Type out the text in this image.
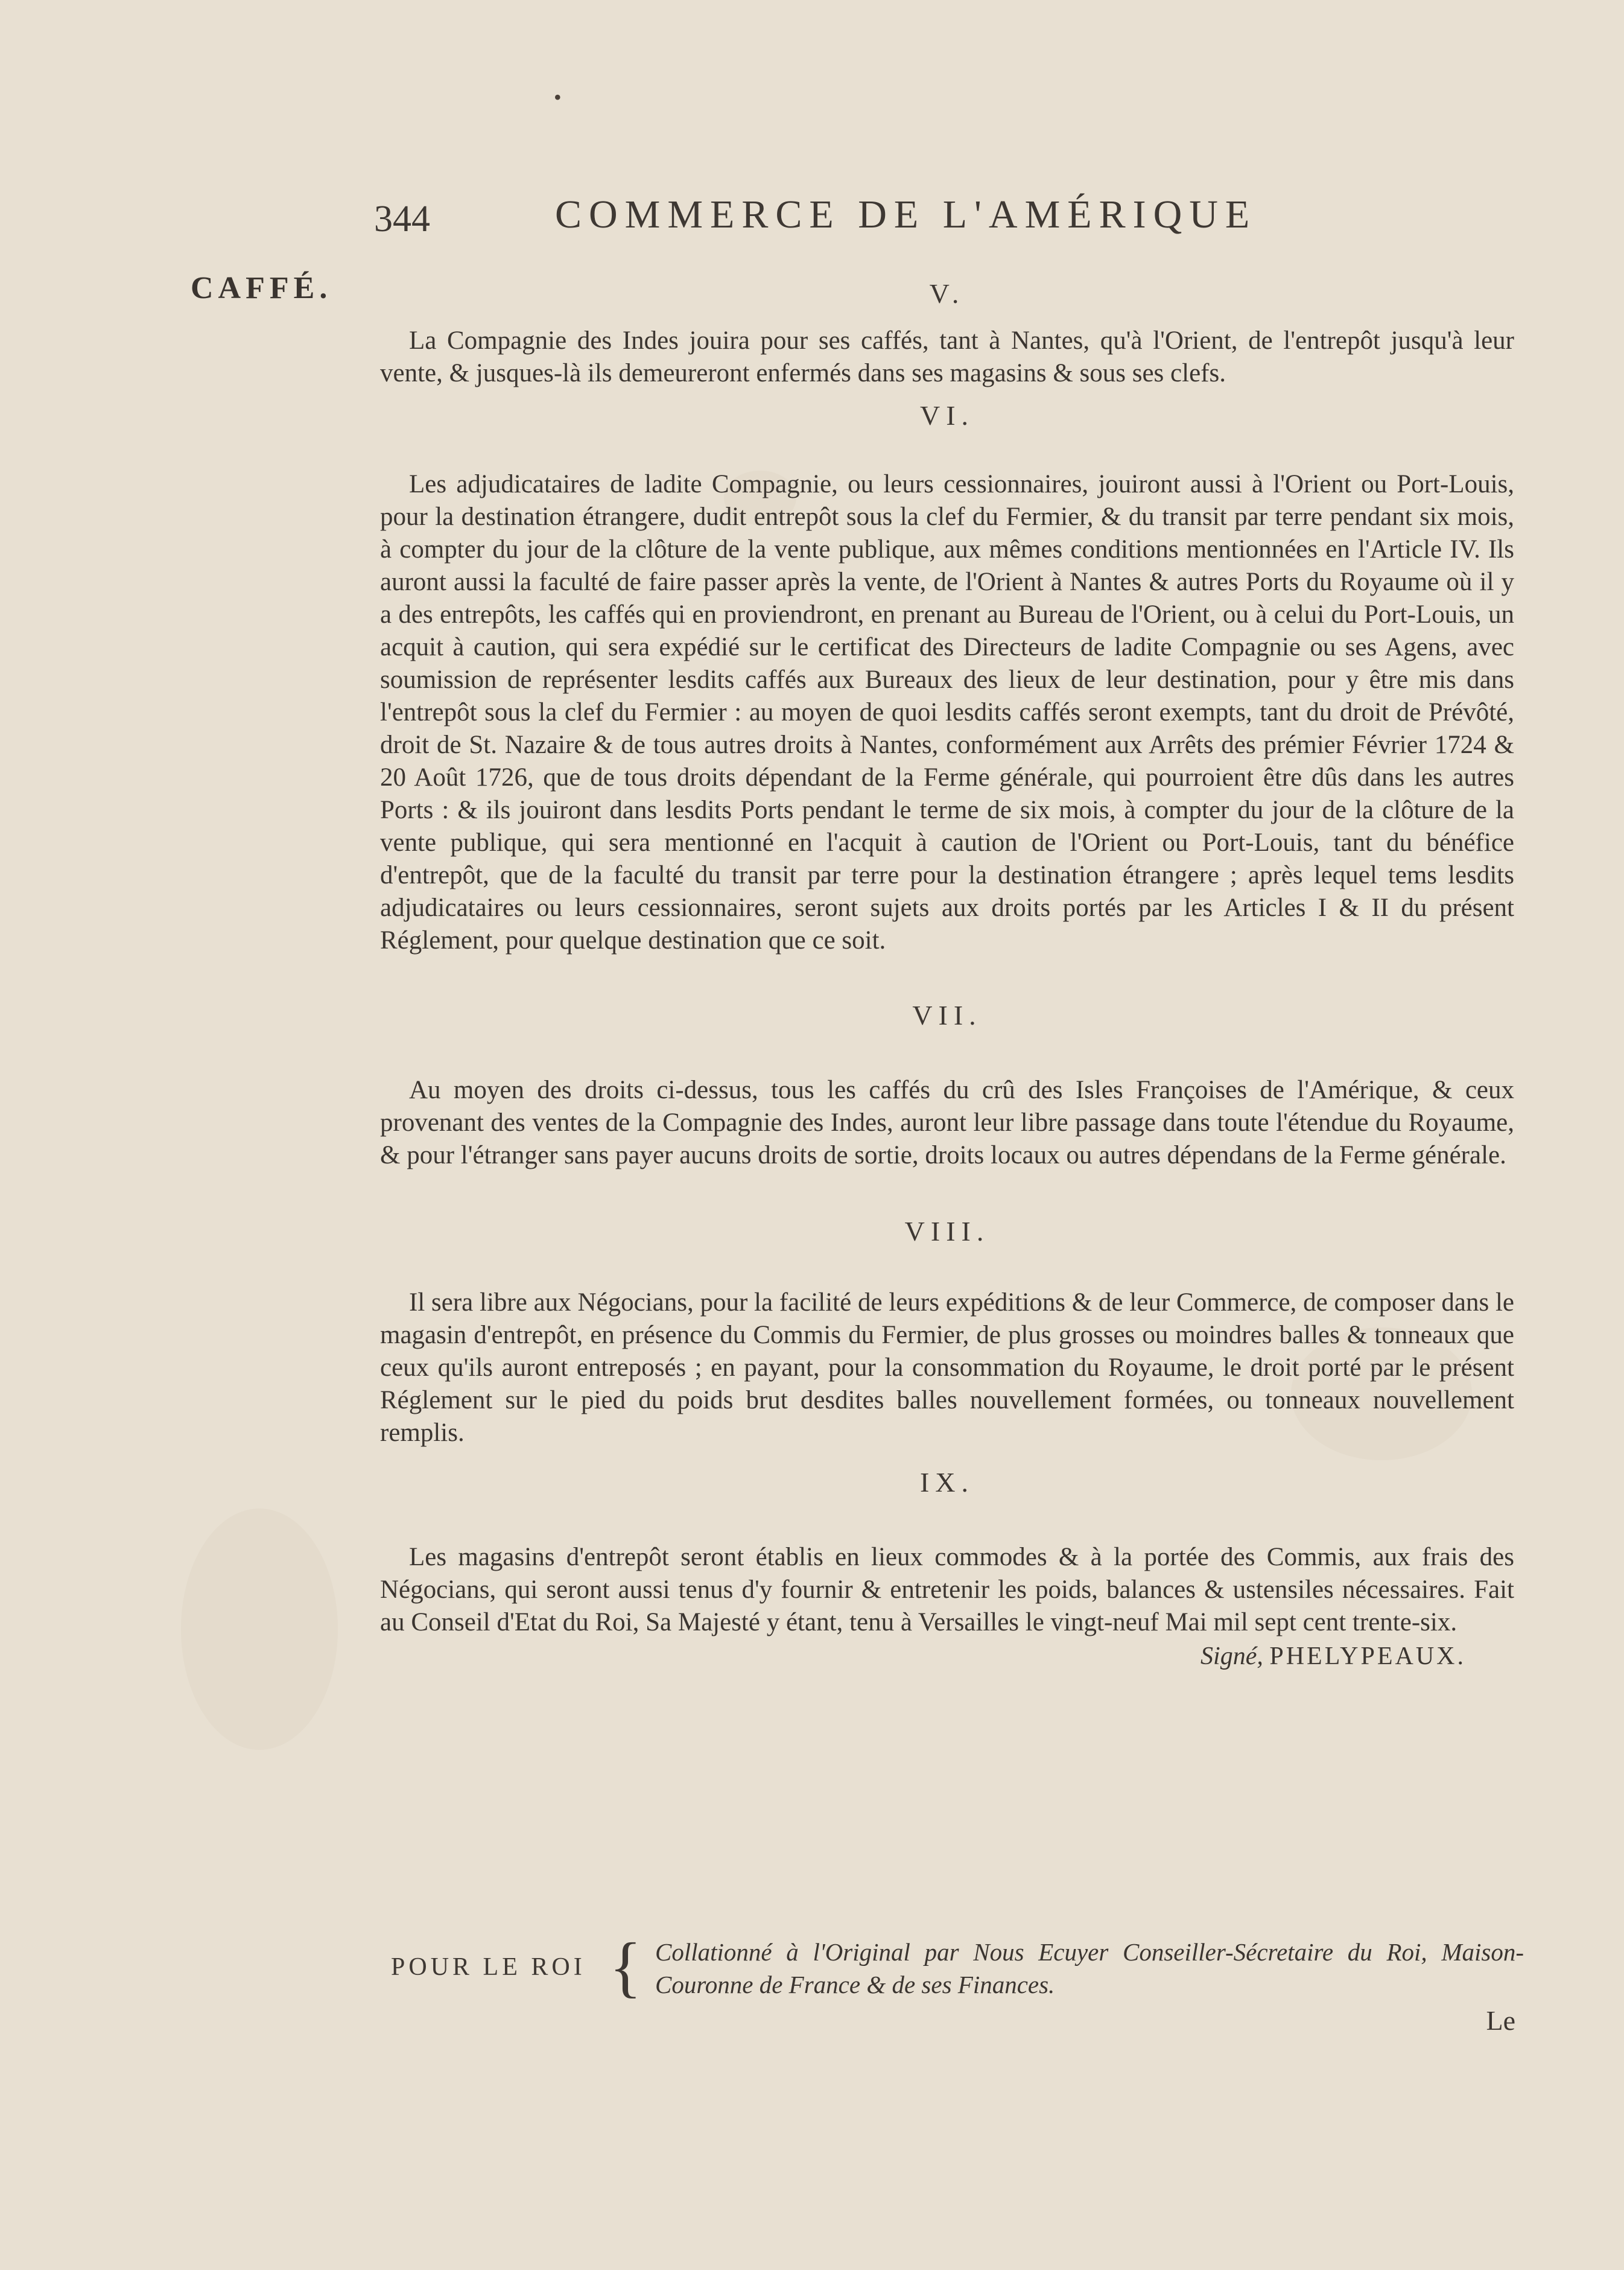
•
344	COMMERCE DE L'AMÉRIQUE
CAFFÉ.	V.

La Compagnie des Indes jouira pour ses caffés, tant à Nantes, qu'à l'Orient, de l'entrepôt jusqu'à leur vente, & jusques-là ils demeureront enfermés dans ses magasins & sous ses clefs.

VI.

Les adjudicataires de ladite Compagnie, ou leurs cessionnaires, jouiront aussi à l'Orient ou Port-Louis, pour la destination étrangere, dudit entrepôt sous la clef du Fermier, & du transit par terre pendant six mois, à compter du jour de la clôture de la vente publique, aux mêmes conditions mentionnées en l'Article IV. Ils auront aussi la faculté de faire passer après la vente, de l'Orient à Nantes & autres Ports du Royaume où il y a des entrepôts, les caffés qui en proviendront, en prenant au Bureau de l'Orient, ou à celui du Port-Louis, un acquit à caution, qui sera expédié sur le certificat des Directeurs de ladite Compagnie ou ses Agens, avec soumission de représenter lesdits caffés aux Bureaux des lieux de leur destination, pour y être mis dans l'entrepôt sous la clef du Fermier : au moyen de quoi lesdits caffés seront exempts, tant du droit de Prévôté, droit de St. Nazaire & de tous autres droits à Nantes, conformément aux Arrêts des prémier Février 1724 & 20 Août 1726, que de tous droits dépendant de la Ferme générale, qui pourroient être dûs dans les autres Ports : & ils jouiront dans lesdits Ports pendant le terme de six mois, à compter du jour de la clôture de la vente publique, qui sera mentionné en l'acquit à caution de l'Orient ou Port-Louis, tant du bénéfice d'entrepôt, que de la faculté du transit par terre pour la destination étrangere ; après lequel tems lesdits adjudicataires ou leurs cessionnaires, seront sujets aux droits portés par les Articles I & II du présent Réglement, pour quelque destination que ce soit.

VII.

Au moyen des droits ci-dessus, tous les caffés du crû des Isles Françoises de l'Amérique, & ceux provenant des ventes de la Compagnie des Indes, auront leur libre passage dans toute l'étendue du Royaume, & pour l'étranger sans payer aucuns droits de sortie, droits locaux ou autres dépendans de la Ferme générale.

VIII.

Il sera libre aux Négocians, pour la facilité de leurs expéditions & de leur Commerce, de composer dans le magasin d'entrepôt, en présence du Commis du Fermier, de plus grosses ou moindres balles & tonneaux que ceux qu'ils auront entreposés ; en payant, pour la consommation du Royaume, le droit porté par le présent Réglement sur le pied du poids brut desdites balles nouvellement formées, ou tonneaux nouvellement remplis.

IX.

Les magasins d'entrepôt seront établis en lieux commodes & à la portée des Commis, aux frais des Négocians, qui seront aussi tenus d'y fournir & entretenir les poids, balances & ustensiles nécessaires. Fait au Conseil d'Etat du Roi, Sa Majesté y étant, tenu à Versailles le vingt-neuf Mai mil sept cent trente-six.

Signé, PHELYPEAUX.

POUR LE ROI { Collationné à l'Original par Nous Ecuyer Conseiller-Sécretaire du Roi, Maison-Couronne de France & de ses Finances.
Le
